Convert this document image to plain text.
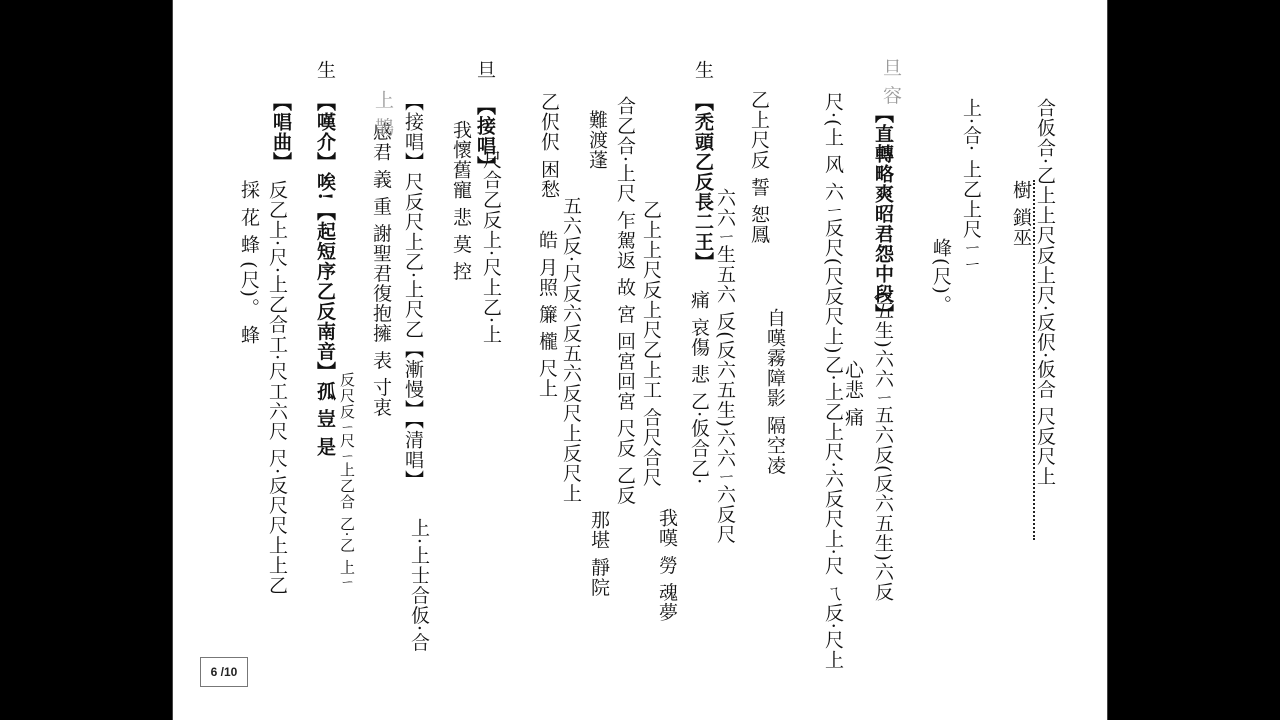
合仮合·乙上上尺反上尺·反伬·仮合 尺反尺上
樹 鎖巫
上·合· 上乙上尺ㄧㄧ
峰(尺)。
旦 容
【直轉略爽昭君怨中段】
(五生)六六ㄧ五六反(反六五生)六反
心悲 痛
尺·(上 风 六ㄧ反尺(尺反尺上)乙·上乙上尺·六反尺上·尺 ㄟ反·尺上
自嘆霧障影 隔空凌
乙上尺反 誓 恕鳳
生
【禿頭乙反長二王】
六六ㄧ生五六 反(反六五生)六六ㄧ六反尺
痛 哀傷 悲 乙·仮合乙·
合乙合·上尺 乍駕返 故 宮 回宮回宮 尺反 乙反
難渡蓬
乙上上尺反上尺乙上工 合尺合尺
我嘆 勞 魂夢
那堪 靜院
乙伬伬 困愁
五六反·尺反六反五六反尺上反尺上
皓 月照 簾 櫳 尺上
旦
【接唱】
尺合乙反上·尺上乙·上
我懷舊寵 悲 莫 控
【接唱】尺反尺上乙·上尺乙【漸慢】【清唱】
上·上士合仮·合
感君 義 重 謝聖君復抱擁 表 寸衷
上 鵲
反尺反ㄧ尺ㄧ上乙合 乙·乙 上ㄧ
生
【嘆介】唉!【起短序乙反南音】孤 豈 是
【唱曲】
反乙上·尺·上乙合工·尺工六尺 尺·反尺尺上上乙
採 花 蜂 (尺)。 蜂
6 /10
